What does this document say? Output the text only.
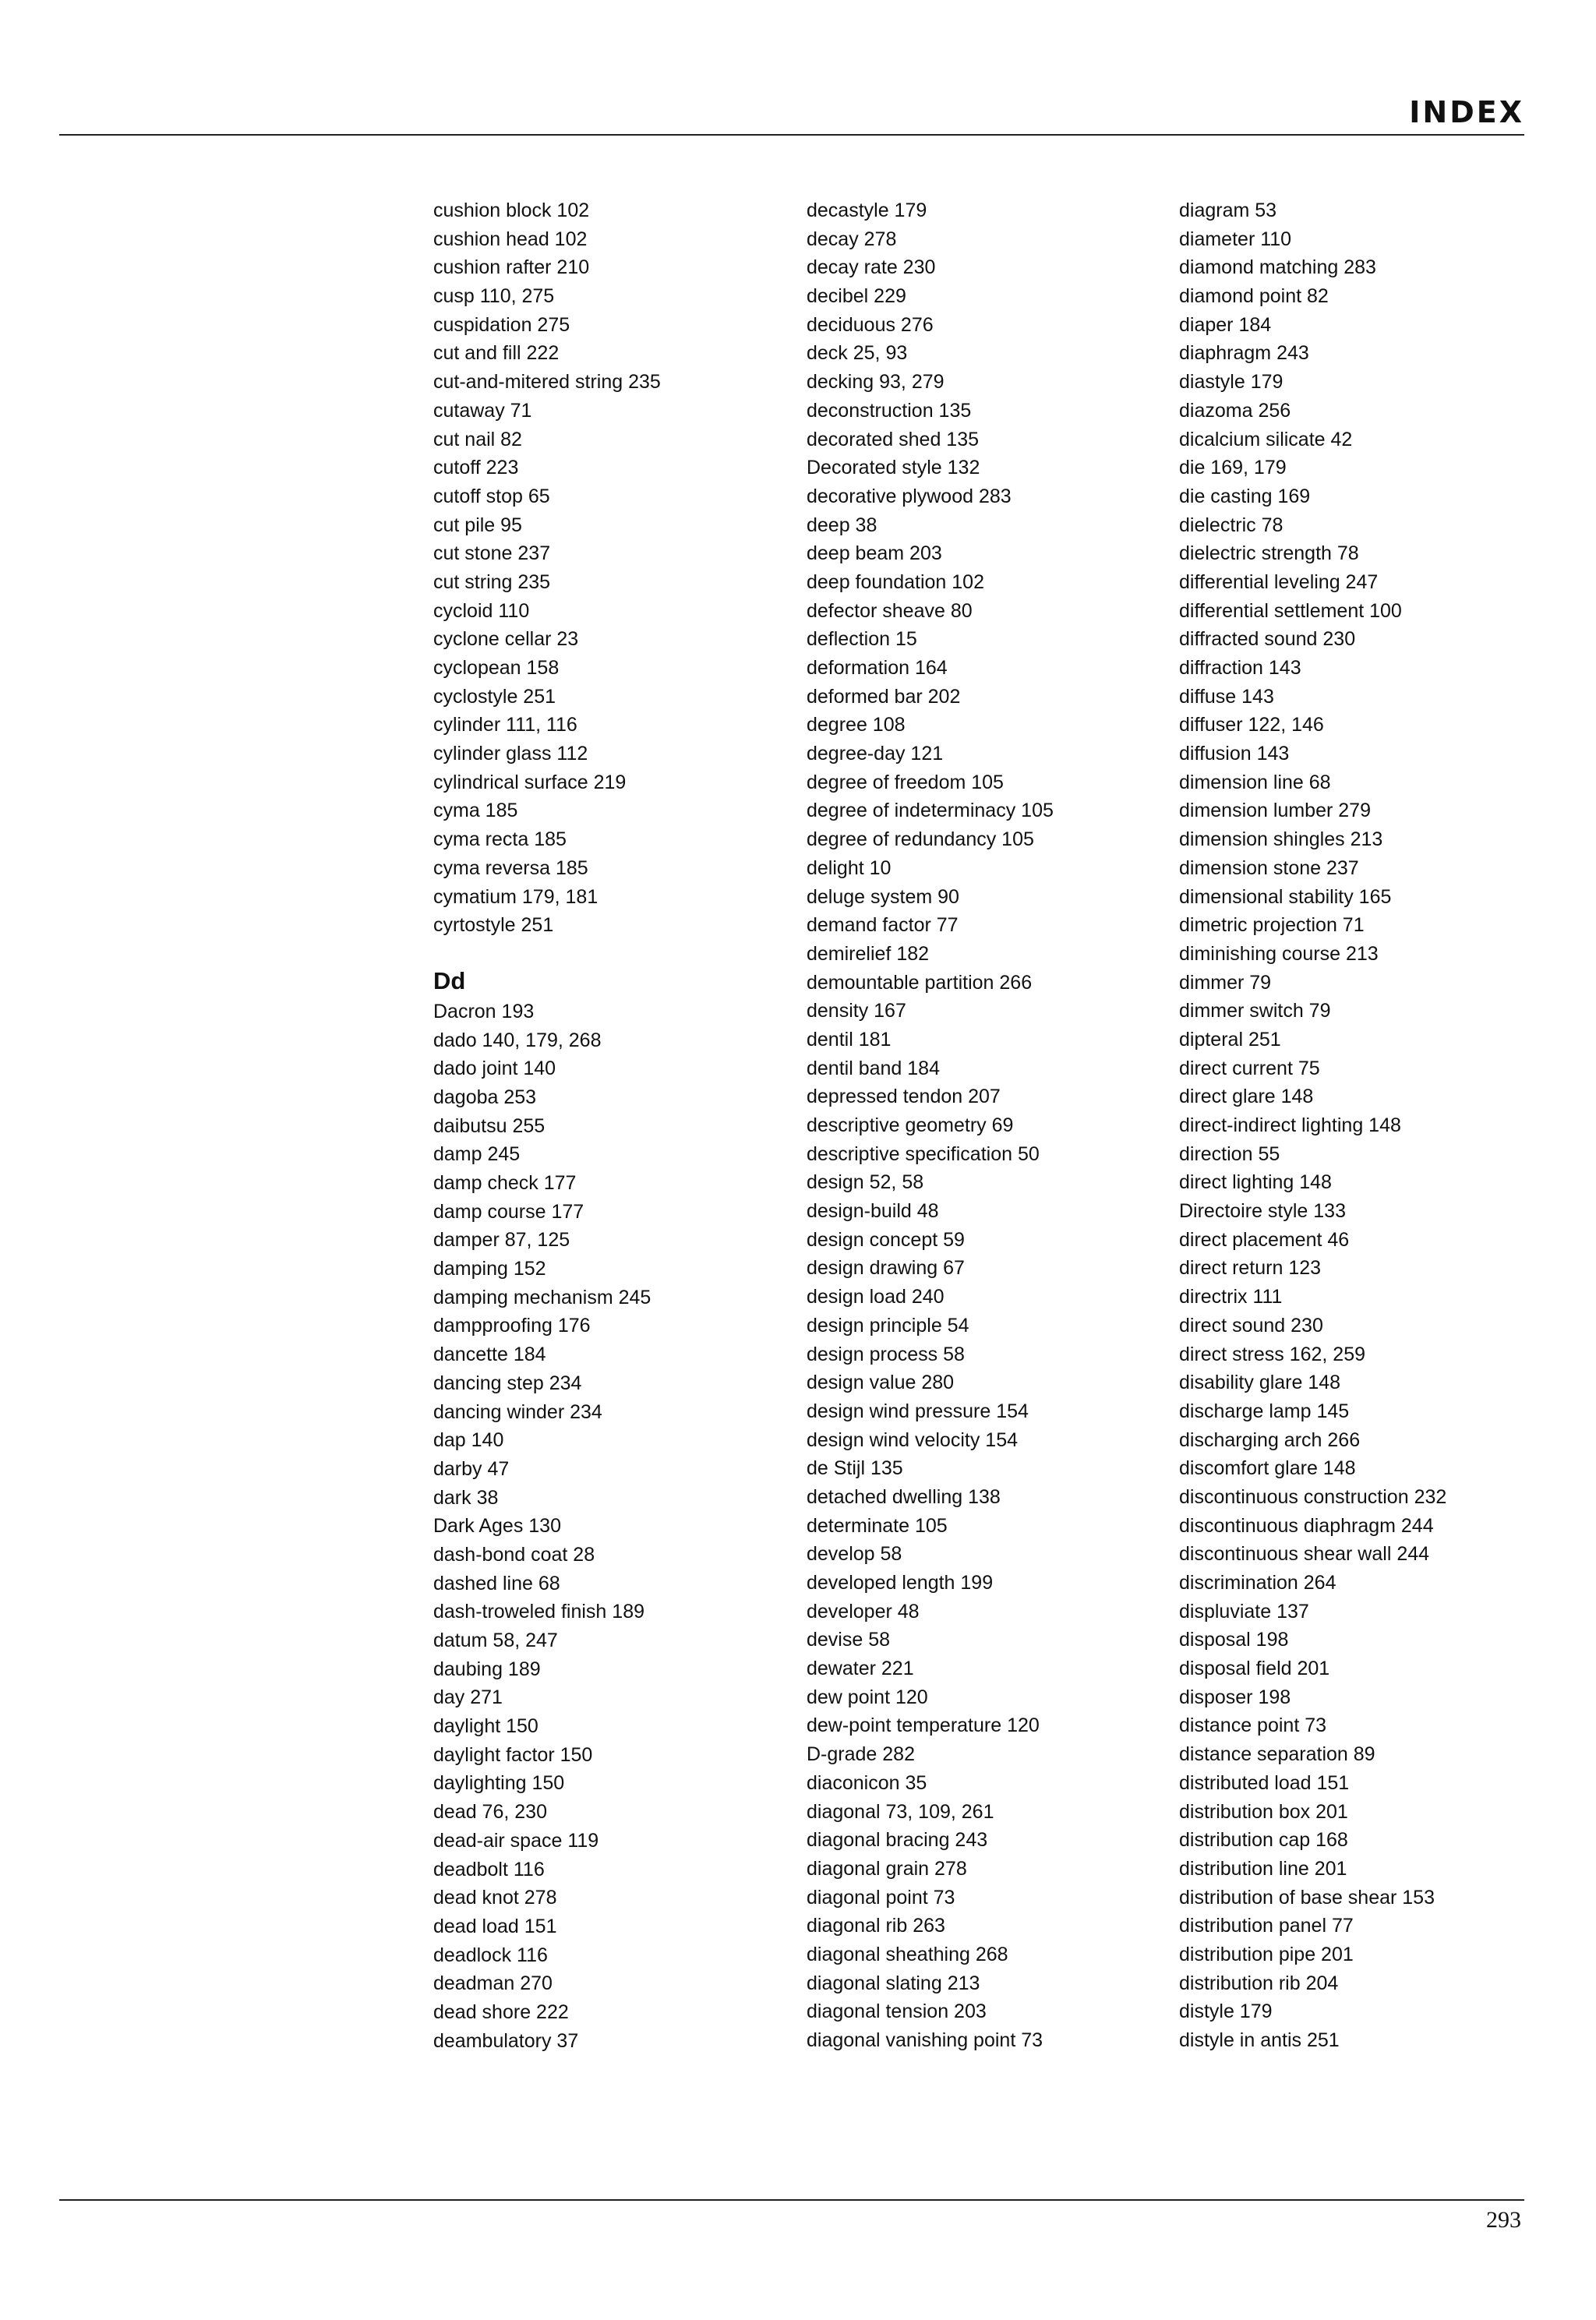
INDEX
cushion block 102
cushion head 102
cushion rafter 210
cusp 110, 275
cuspidation 275
cut and fill 222
cut-and-mitered string 235
cutaway 71
cut nail 82
cutoff 223
cutoff stop 65
cut pile 95
cut stone 237
cut string 235
cycloid 110
cyclone cellar 23
cyclopean 158
cyclostyle 251
cylinder 111, 116
cylinder glass 112
cylindrical surface 219
cyma 185
cyma recta 185
cyma reversa 185
cymatium 179, 181
cyrtostyle 251
Dd
Dacron 193
dado 140, 179, 268
dado joint 140
dagoba 253
daibutsu 255
damp 245
damp check 177
damp course 177
damper 87, 125
damping 152
damping mechanism 245
dampproofing 176
dancette 184
dancing step 234
dancing winder 234
dap 140
darby 47
dark 38
Dark Ages 130
dash-bond coat 28
dashed line 68
dash-troweled finish 189
datum 58, 247
daubing 189
day 271
daylight 150
daylight factor 150
daylighting 150
dead 76, 230
dead-air space 119
deadbolt 116
dead knot 278
dead load 151
deadlock 116
deadman 270
dead shore 222
deambulatory 37
decastyle 179
decay 278
decay rate 230
decibel 229
deciduous 276
deck 25, 93
decking 93, 279
deconstruction 135
decorated shed 135
Decorated style 132
decorative plywood 283
deep 38
deep beam 203
deep foundation 102
defector sheave 80
deflection 15
deformation 164
deformed bar 202
degree 108
degree-day 121
degree of freedom 105
degree of indeterminacy 105
degree of redundancy 105
delight 10
deluge system 90
demand factor 77
demirelief 182
demountable partition 266
density 167
dentil 181
dentil band 184
depressed tendon 207
descriptive geometry 69
descriptive specification 50
design 52, 58
design-build 48
design concept 59
design drawing 67
design load 240
design principle 54
design process 58
design value 280
design wind pressure 154
design wind velocity 154
de Stijl 135
detached dwelling 138
determinate 105
develop 58
developed length 199
developer 48
devise 58
dewater 221
dew point 120
dew-point temperature 120
D-grade 282
diaconicon 35
diagonal 73, 109, 261
diagonal bracing 243
diagonal grain 278
diagonal point 73
diagonal rib 263
diagonal sheathing 268
diagonal slating 213
diagonal tension 203
diagonal vanishing point 73
diagram 53
diameter 110
diamond matching 283
diamond point 82
diaper 184
diaphragm 243
diastyle 179
diazoma 256
dicalcium silicate 42
die 169, 179
die casting 169
dielectric 78
dielectric strength 78
differential leveling 247
differential settlement 100
diffracted sound 230
diffraction 143
diffuse 143
diffuser 122, 146
diffusion 143
dimension line 68
dimension lumber 279
dimension shingles 213
dimension stone 237
dimensional stability 165
dimetric projection 71
diminishing course 213
dimmer 79
dimmer switch 79
dipteral 251
direct current 75
direct glare 148
direct-indirect lighting 148
direction 55
direct lighting 148
Directoire style 133
direct placement 46
direct return 123
directrix 111
direct sound 230
direct stress 162, 259
disability glare 148
discharge lamp 145
discharging arch 266
discomfort glare 148
discontinuous construction 232
discontinuous diaphragm 244
discontinuous shear wall 244
discrimination 264
displuviate 137
disposal 198
disposal field 201
disposer 198
distance point 73
distance separation 89
distributed load 151
distribution box 201
distribution cap 168
distribution line 201
distribution of base shear 153
distribution panel 77
distribution pipe 201
distribution rib 204
distyle 179
distyle in antis 251
293
